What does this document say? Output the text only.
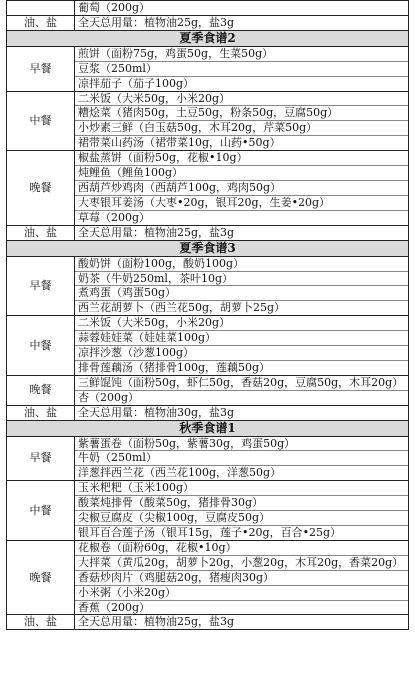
	葡萄（200g）

油、盐	全天总用量：植物油25g，盐3g

夏季食谱2	
早餐	煎饼（面粉75g，鸡蛋50g，生菜50g）
豆浆（250ml）
凉拌茄子（茄子100g）

中餐	二米饭（大米50g，小米20g）
糟烩菜（猪肉50g，土豆50g，粉条50g，豆腐50g）
小炒素三鲜（白玉菇50g，木耳20g，芹菜50g）
裙带菜山药汤（裙带菜10g，山药•50g）

晚餐	椒盐蒸饼（面粉50g，花椒•10g）
炖鲤鱼（鲤鱼100g）
西葫芦炒鸡肉（西葫芦100g，鸡肉50g）
大枣银耳姜汤（大枣•20g，银耳20g，生姜•20g）
草莓（200g）

油、盐	全天总用量：植物油25g，盐3g

夏季食谱3	
早餐	酸奶饼（面粉100g，酸奶100g）
奶茶（牛奶250ml，茶叶10g）
煮鸡蛋（鸡蛋50g）
西兰花胡萝卜（西兰花50g，胡萝卜25g）

中餐	二米饭（大米50g，小米20g）
蒜蓉娃娃菜（娃娃菜100g）
凉拌沙葱（沙葱100g）
排骨莲藕汤（猪排骨100g，莲藕50g）

晚餐	三鲜馄饨（面粉50g，虾仁50g，香菇20g，豆腐50g，木耳20g）
杏（200g）

油、盐	全天总用量：植物油30g，盐3g

秋季食谱1	
早餐	紫薯蛋卷（面粉50g，紫薯30g，鸡蛋50g）
牛奶（250ml）
洋葱拌西兰花（西兰花100g，洋葱50g）

中餐	玉米粑粑（玉米100g）
酸菜炖排骨（酸菜50g，猪排骨30g）
尖椒豆腐皮（尖椒100g，豆腐皮50g）
银耳百合莲子汤（银耳15g，莲子•20g，百合•25g）

晚餐	花椒卷（面粉60g，花椒•10g）
大拌菜（黄瓜20g，胡萝卜20g，小葱20g，木耳20g，香菜20g）
香菇炒肉片（鸡腿菇20g，猪瘦肉30g）
小米粥（小米20g）
香蕉（200g）

油、盐	全天总用量：植物油25g，盐3g
